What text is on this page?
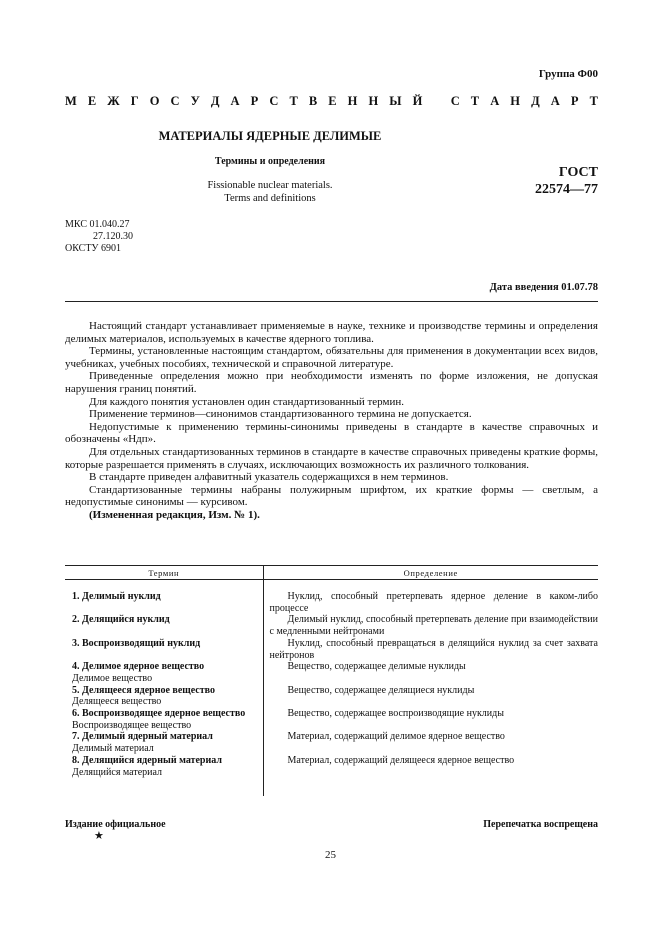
Группа Ф00
М Е Ж Г О С У Д А Р С Т В Е Н Н Ы Й
С Т А Н Д А Р Т
МАТЕРИАЛЫ ЯДЕРНЫЕ ДЕЛИМЫЕ
Термины и определения
Fissionable nuclear materials.
Terms and definitions
ГОСТ
22574—77
МКС 01.040.27
27.120.30
ОКСТУ 6901
Дата введения 01.07.78

Настоящий стандарт устанавливает применяемые в науке, технике и производстве термины и определения делимых материалов, используемых в качестве ядерного топлива.

Термины, установленные настоящим стандартом, обязательны для применения в документации всех видов, учебниках, учебных пособиях, технической и справочной литературе.

Приведенные определения можно при необходимости изменять по форме изложения, не допуская нарушения границ понятий.

Для каждого понятия установлен один стандартизованный термин.

Применение терминов—синонимов стандартизованного термина не допускается.

Недопустимые к применению термины-синонимы приведены в стандарте в качестве справочных и обозначены «Ндп».

Для отдельных стандартизованных терминов в стандарте в качестве справочных приведены краткие формы, которые разрешается применять в случаях, исключающих возможность их различного толкования.

В стандарте приведен алфавитный указатель содержащихся в нем терминов.

Стандартизованные термины набраны полужирным шрифтом, их краткие формы — светлым, а недопустимые синонимы — курсивом.

(Измененная редакция, Изм. № 1).

Термин	Определение

1. Делимый нуклид	Нуклид, способный претерпевать ядерное деление в каком-либо процессе

2. Делящийся нуклид	Делимый нуклид, способный претерпевать деление при взаимодействии с медленными нейтронами

3. Воспроизводящий нуклид	Нуклид, способный превращаться в делящийся нуклид за счет захвата нейтронов

4. Делимое ядерное вещество
Делимое вещество	Вещество, содержащее делимые нуклиды

5. Делящееся ядерное вещество
Делящееся вещество	Вещество, содержащее делящиеся нуклиды

6. Воспроизводящее ядерное вещество
Воспроизводящее вещество	Вещество, содержащее воспроизводящие нуклиды

7. Делимый ядерный материал
Делимый материал	Материал, содержащий делимое ядерное вещество

8. Делящийся ядерный материал
Делящийся материал	Материал, содержащий делящееся ядерное вещество
Издание официальное	Перепечатка воспрещена
★
25
